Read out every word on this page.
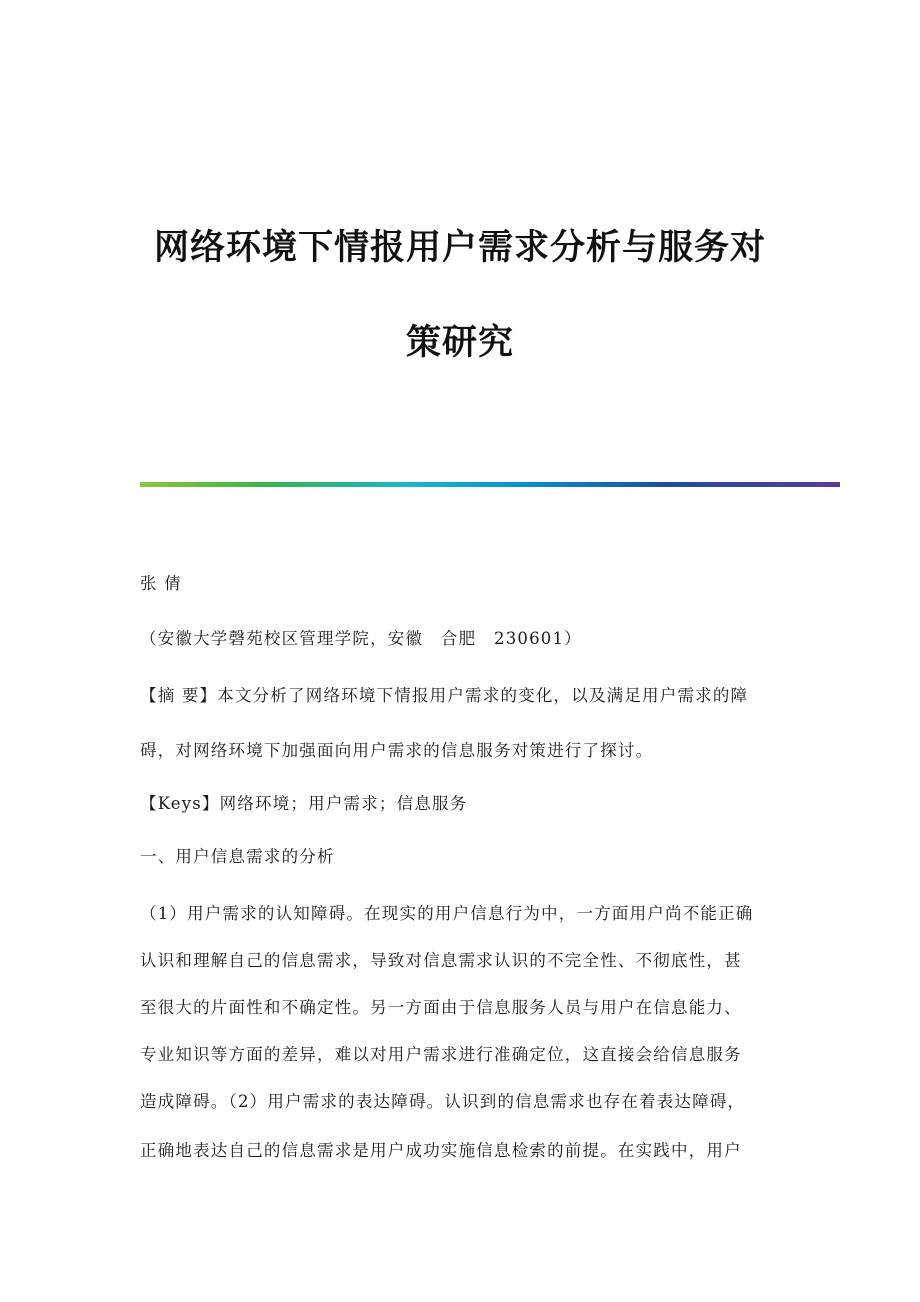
网络环境下情报用户需求分析与服务对
策研究
张 倩
（安徽大学磬苑校区管理学院，安徽　合肥　230601）
【摘 要】本文分析了网络环境下情报用户需求的变化，以及满足用户需求的障
碍，对网络环境下加强面向用户需求的信息服务对策进行了探讨。
【Keys】网络环境；用户需求；信息服务
一、用户信息需求的分析
（1）用户需求的认知障碍。在现实的用户信息行为中，一方面用户尚不能正确
认识和理解自己的信息需求，导致对信息需求认识的不完全性、不彻底性，甚
至很大的片面性和不确定性。另一方面由于信息服务人员与用户在信息能力、
专业知识等方面的差异，难以对用户需求进行准确定位，这直接会给信息服务
造成障碍。（2）用户需求的表达障碍。认识到的信息需求也存在着表达障碍，
正确地表达自己的信息需求是用户成功实施信息检索的前提。在实践中，用户
